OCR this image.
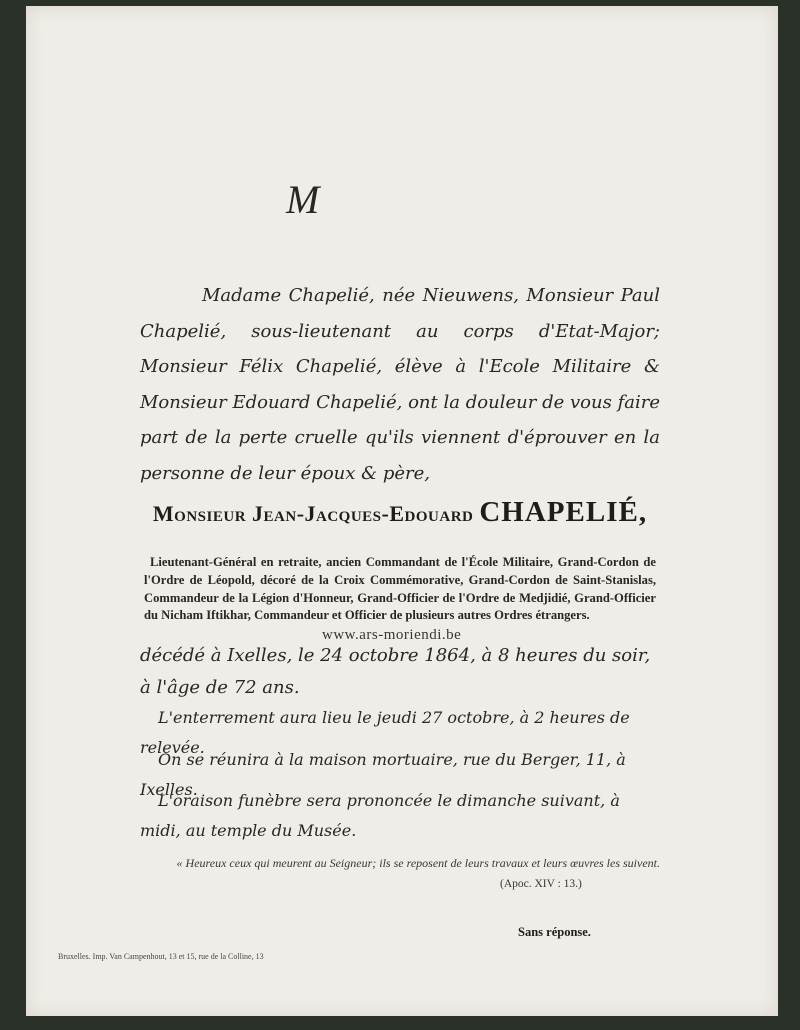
M
Madame Chapelié, née Nieuwens, Monsieur Paul Chapelié, sous-lieutenant au corps d'Etat-Major; Monsieur Félix Chapelié, élève à l'Ecole Militaire & Monsieur Edouard Chapelié, ont la douleur de vous faire part de la perte cruelle qu'ils viennent d'éprouver en la personne de leur époux & père,
Monsieur Jean-Jacques-Edouard CHAPELIÉ,
Lieutenant-Général en retraite, ancien Commandant de l'École Militaire, Grand-Cordon de l'Ordre de Léopold, décoré de la Croix Commémorative, Grand-Cordon de Saint-Stanislas, Commandeur de la Légion d'Honneur, Grand-Officier de l'Ordre de Medjidié, Grand-Officier du Nicham Iftikhar, Commandeur et Officier de plusieurs autres Ordres étrangers.
décédé à Ixelles, le 24 octobre 1864, à 8 heures du soir, à l'âge de 72 ans.
www.ars-moriendi.be
L'enterrement aura lieu le jeudi 27 octobre, à 2 heures de relevée.
On se réunira à la maison mortuaire, rue du Berger, 11, à Ixelles.
L'oraison funèbre sera prononcée le dimanche suivant, à midi, au temple du Musée.
« Heureux ceux qui meurent au Seigneur; ils se reposent de leurs travaux et leurs œuvres les suivent.
(Apoc. XIV : 13.)
Sans réponse.
Bruxelles. Imp. Van Campenhout, 13 et 15, rue de la Colline, 13
